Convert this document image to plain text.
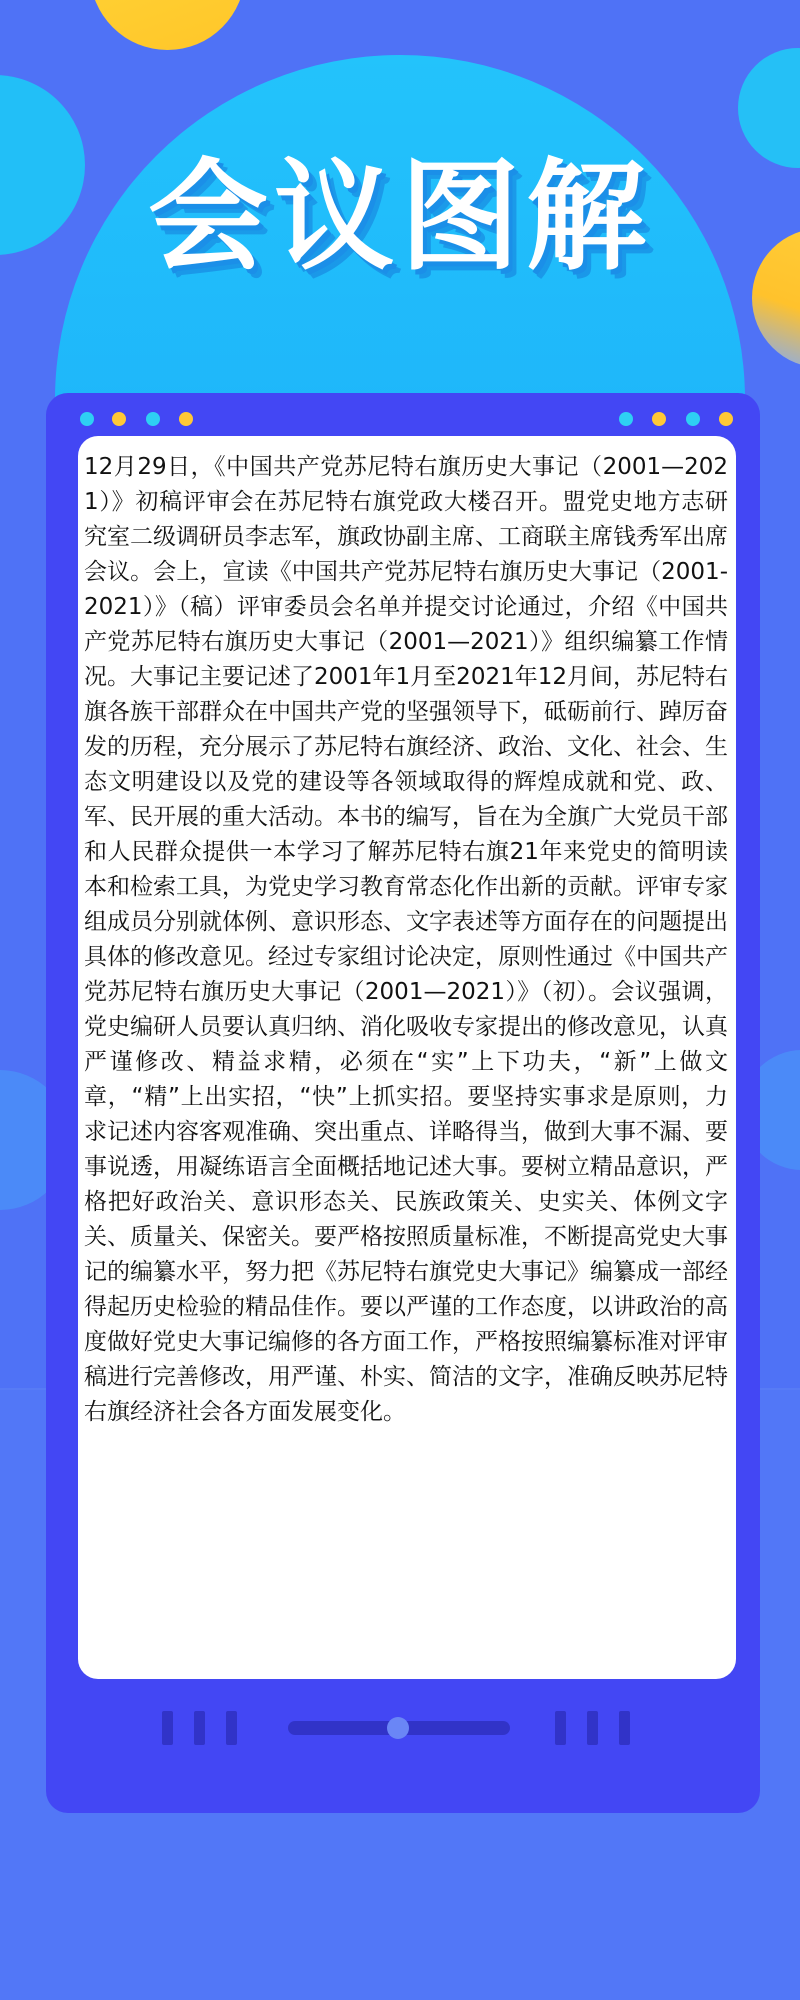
会议图解

12月29日，《中国共产党苏尼特右旗历史大事记（2001—2021）》初稿评审会在苏尼特右旗党政大楼召开。盟党史地方志研究室二级调研员李志军，旗政协副主席、工商联主席钱秀军出席会议。会上，宣读《中国共产党苏尼特右旗历史大事记（2001-2021）》（稿）评审委员会名单并提交讨论通过，介绍《中国共产党苏尼特右旗历史大事记（2001—2021）》组织编纂工作情况。大事记主要记述了2001年1月至2021年12月间，苏尼特右旗各族干部群众在中国共产党的坚强领导下，砥砺前行、踔厉奋发的历程，充分展示了苏尼特右旗经济、政治、文化、社会、生态文明建设以及党的建设等各领域取得的辉煌成就和党、政、军、民开展的重大活动。本书的编写，旨在为全旗广大党员干部和人民群众提供一本学习了解苏尼特右旗21年来党史的简明读本和检索工具，为党史学习教育常态化作出新的贡献。评审专家组成员分别就体例、意识形态、文字表述等方面存在的问题提出具体的修改意见。经过专家组讨论决定，原则性通过《中国共产党苏尼特右旗历史大事记（2001—2021）》（初）。会议强调，党史编研人员要认真归纳、消化吸收专家提出的修改意见，认真严谨修改、精益求精，必须在“实”上下功夫，“新”上做文章，“精”上出实招，“快”上抓实招。要坚持实事求是原则，力求记述内容客观准确、突出重点、详略得当，做到大事不漏、要事说透，用凝练语言全面概括地记述大事。要树立精品意识，严格把好政治关、意识形态关、民族政策关、史实关、体例文字关、质量关、保密关。要严格按照质量标准，不断提高党史大事记的编纂水平，努力把《苏尼特右旗党史大事记》编纂成一部经得起历史检验的精品佳作。要以严谨的工作态度，以讲政治的高度做好党史大事记编修的各方面工作，严格按照编纂标准对评审稿进行完善修改，用严谨、朴实、简洁的文字，准确反映苏尼特右旗经济社会各方面发展变化。
